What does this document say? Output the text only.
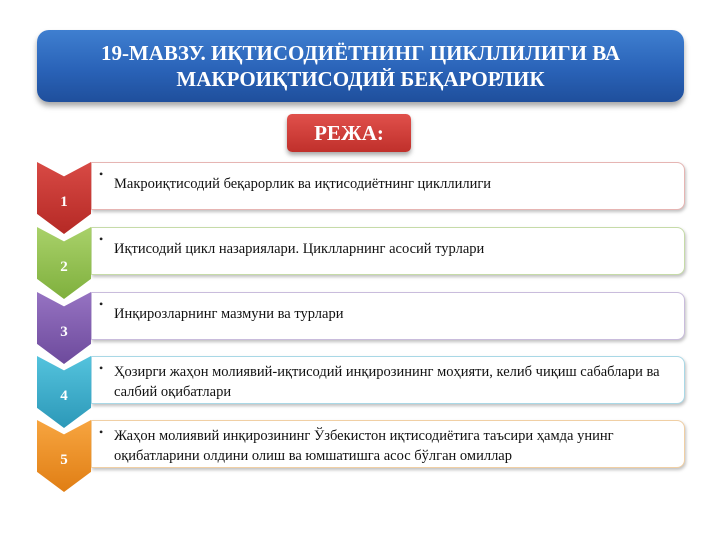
19-МАВЗУ. ИҚТИСОДИЁТНИНГ ЦИКЛЛИЛИГИ ВА
МАКРОИҚТИСОДИЙ БЕҚАРОРЛИК
РЕЖА:
•
Макроиқтисодий беқарорлик ва иқтисодиётнинг цикллилиги
1
•
Иқтисодий цикл назариялари. Циклларнинг асосий турлари
2
•
Инқирозларнинг мазмуни ва турлари
3
• Ҳозирги жаҳон молиявий-иқтисодий инқирозининг моҳияти, келиб чиқиш сабаблари ва салбий оқибатлари
4
• Жаҳон молиявий инқирозининг Ўзбекистон иқтисодиётига таъсири ҳамда унинг оқибатларини олдини олиш ва юмшатишга асос бўлган омиллар
5
